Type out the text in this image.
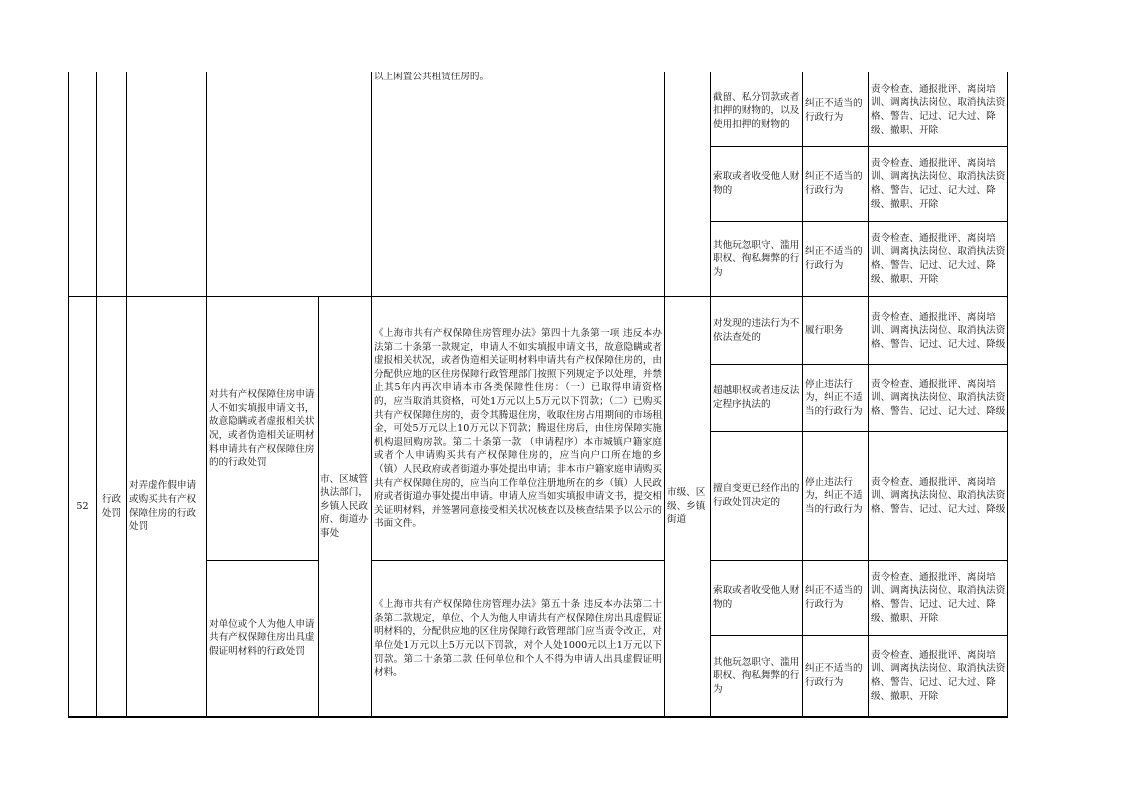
以上闲置公共租赁住房的。
截留、私分罚款或者扣押的财物的，以及使用扣押的财物的
纠正不适当的行政行为
责令检查、通报批评、离岗培训、调离执法岗位、取消执法资格、警告、记过、记大过、降级、撤职、开除
索取或者收受他人财物的
纠正不适当的行政行为
责令检查、通报批评、离岗培训、调离执法岗位、取消执法资格、警告、记过、记大过、降级、撤职、开除
其他玩忽职守、滥用职权、徇私舞弊的行为
纠正不适当的行政行为
责令检查、通报批评、离岗培训、调离执法岗位、取消执法资格、警告、记过、记大过、降级、撤职、开除
52
行政处罚
对弄虚作假申请或购买共有产权保障住房的行政处罚
对共有产权保障住房申请人不如实填报申请文书，故意隐瞒或者虚报相关状况，或者伪造相关证明材料申请共有产权保障住房的的行政处罚
对单位或个人为他人申请共有产权保障住房出具虚假证明材料的行政处罚
市、区城管执法部门，乡镇人民政府、街道办事处
《上海市共有产权保障住房管理办法》第四十九条第一项 违反本办法第二十条第一款规定，申请人不如实填报申请文书，故意隐瞒或者虚报相关状况，或者伪造相关证明材料申请共有产权保障住房的，由分配供应地的区住房保障行政管理部门按照下列规定予以处理，并禁止其5年内再次申请本市各类保障性住房：（一）已取得申请资格的，应当取消其资格，可处1万元以上5万元以下罚款；（二）已购买共有产权保障住房的，责令其腾退住房，收取住房占用期间的市场租金，可处5万元以上10万元以下罚款；腾退住房后，由住房保障实施机构退回购房款。第二十条第一款 （申请程序）本市城镇户籍家庭或者个人申请购买共有产权保障住房的，应当向户口所在地的乡（镇）人民政府或者街道办事处提出申请；非本市户籍家庭申请购买共有产权保障住房的，应当向工作单位注册地所在的乡（镇）人民政府或者街道办事处提出申请。申请人应当如实填报申请文书，提交相关证明材料，并签署同意接受相关状况核查以及核查结果予以公示的书面文件。
《上海市共有产权保障住房管理办法》第五十条 违反本办法第二十条第二款规定，单位、个人为他人申请共有产权保障住房出具虚假证明材料的，分配供应地的区住房保障行政管理部门应当责令改正，对单位处1万元以上5万元以下罚款，对个人处1000元以上1万元以下罚款。第二十条第二款 任何单位和个人不得为申请人出具虚假证明材料。
市级、区级、乡镇街道
对发现的违法行为不依法查处的
履行职务
责令检查、通报批评、离岗培训、调离执法岗位、取消执法资格、警告、记过、记大过、降级
超越职权或者违反法定程序执法的
停止违法行为，纠正不适当的行政行为
责令检查、通报批评、离岗培训、调离执法岗位、取消执法资格、警告、记过、记大过、降级
擅自变更已经作出的行政处罚决定的
停止违法行为，纠正不适当的行政行为
责令检查、通报批评、离岗培训、调离执法岗位、取消执法资格、警告、记过、记大过、降级
索取或者收受他人财物的
纠正不适当的行政行为
责令检查、通报批评、离岗培训、调离执法岗位、取消执法资格、警告、记过、记大过、降级、撤职、开除
其他玩忽职守、滥用职权、徇私舞弊的行为
纠正不适当的行政行为
责令检查、通报批评、离岗培训、调离执法岗位、取消执法资格、警告、记过、记大过、降级、撤职、开除
